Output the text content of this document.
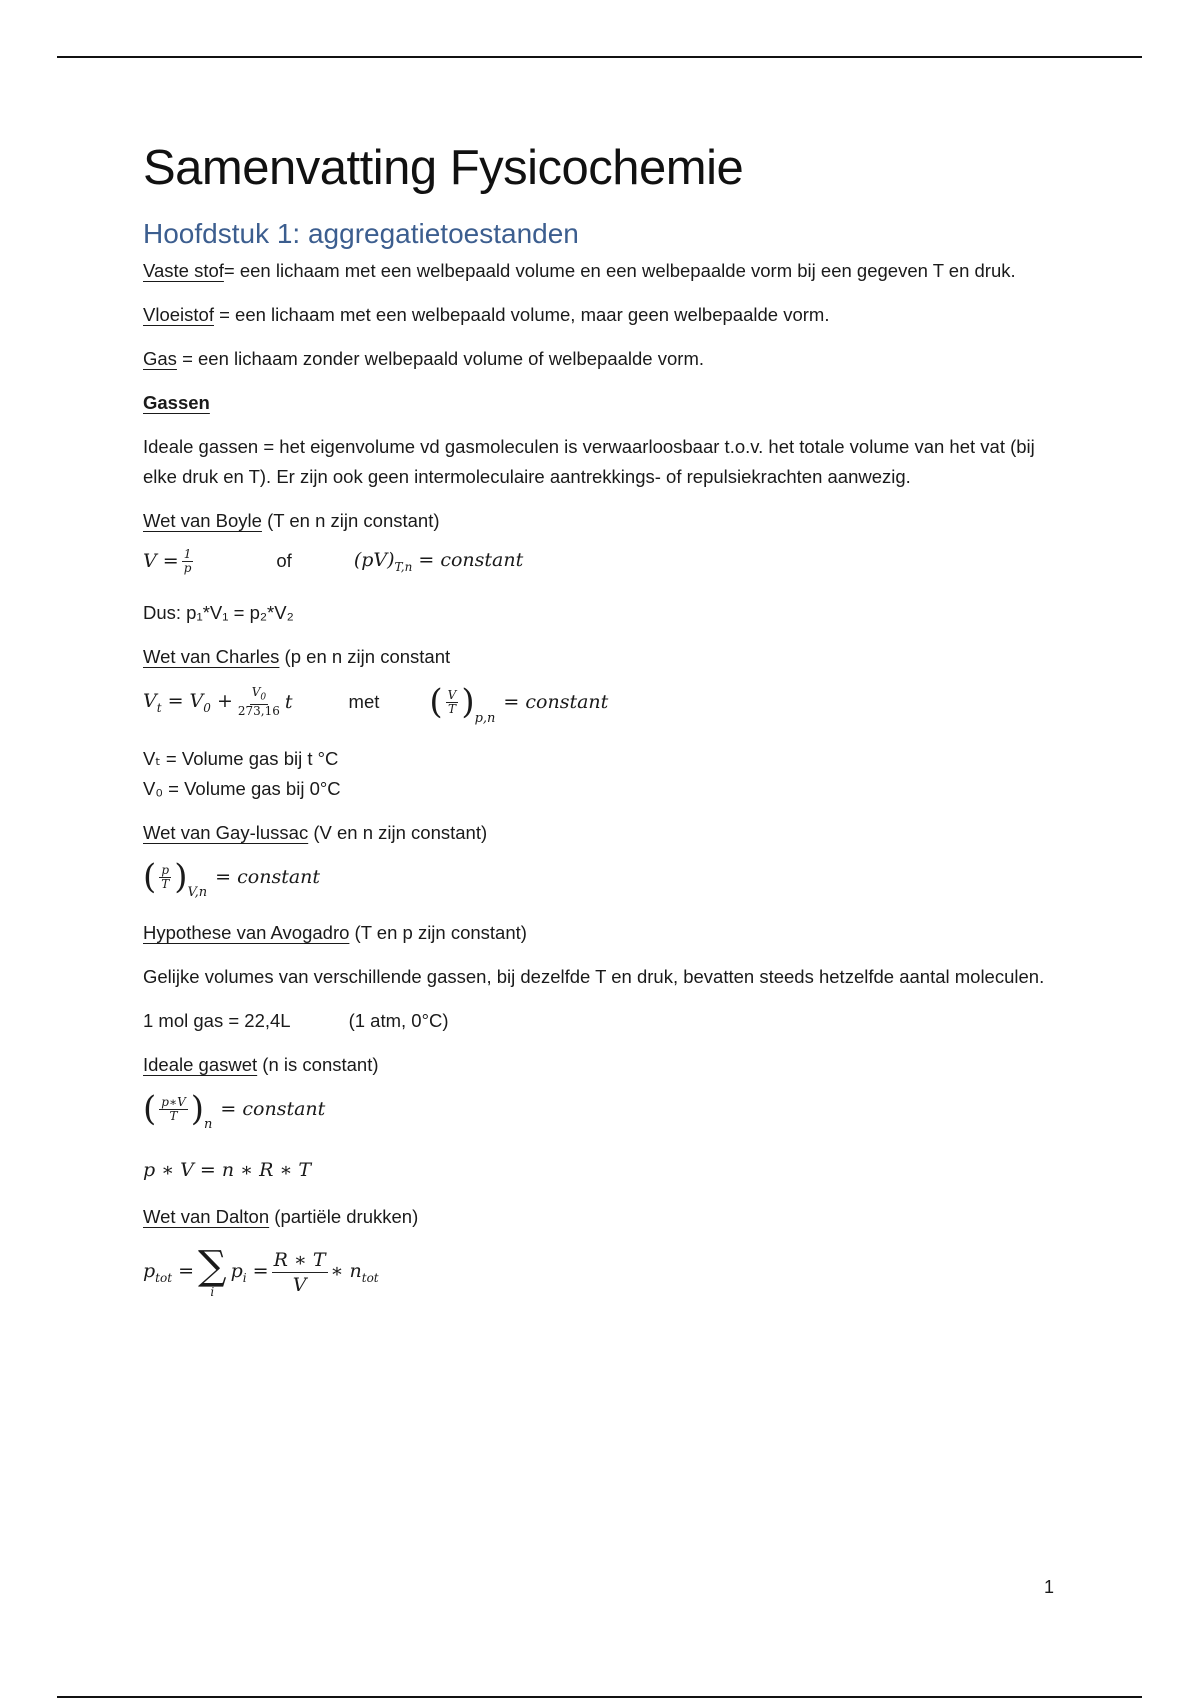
Samenvatting Fysicochemie
Hoofdstuk 1: aggregatietoestanden

Vaste stof= een lichaam met een welbepaald volume en een welbepaalde vorm bij een gegeven T en druk.

Vloeistof = een lichaam met een welbepaald volume, maar geen welbepaalde vorm.

Gas = een lichaam zonder welbepaald volume of welbepaalde vorm.

Gassen

Ideale gassen = het eigenvolume vd gasmoleculen is verwaarloosbaar t.o.v. het totale volume van het vat (bij elke druk en T). Er zijn ook geen intermoleculaire aantrekkings- of repulsiekrachten aanwezig.

Wet van Boyle (T en n zijn constant)

$V = \frac{1}{p}$	of	$(pV)_{T,n}$ = constant

Dus: p₁*V₁ = p₂*V₂

Wet van Charles (p en n zijn constant

$V_t = V_0 + \frac{V_0}{273,16}$ t	met ( $\frac{V}{T}$ ) p,n
= constant

Vₜ = Volume gas bij t °C

V₀ = Volume gas bij 0°C

Wet van Gay-lussac (V en n zijn constant)

( $\frac{p}{T}$ ) V,n
= constant

Hypothese van Avogadro (T en p zijn constant)

Gelijke volumes van verschillende gassen, bij dezelfde T en druk, bevatten steeds hetzelfde aantal moleculen.

1 mol gas = 22,4L	(1 atm, 0°C)

Ideale gaswet (n is constant)

( $\frac{p∗V}{T}$ ) n
= constant
p ∗ V = n ∗ R ∗ T

Wet van Dalton (partiële drukken)

$p_{tot}$ = ∑
i
$p_i = \frac{R ∗ T}{V}$ ∗ $n_{tot}$
1
